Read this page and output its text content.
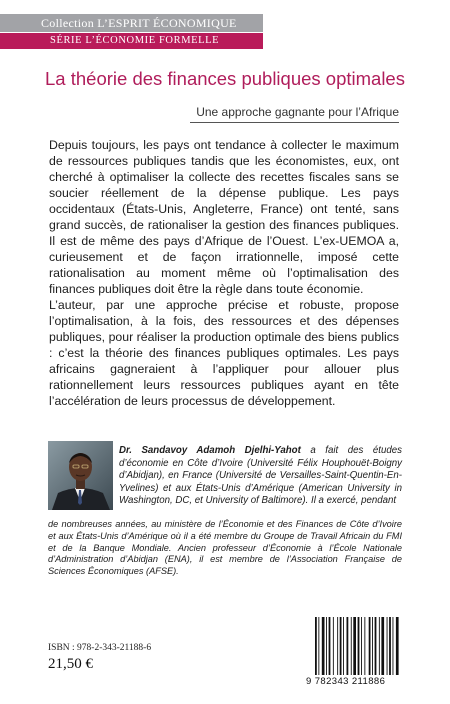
Collection L’ESPRIT ÉCONOMIQUE
SÉRIE L’ÉCONOMIE FORMELLE
La théorie des finances publiques optimales
Une approche gagnante pour l’Afrique

Depuis toujours, les pays ont tendance à collecter le maximum de ressources publiques tandis que les économistes, eux, ont cherché à optimaliser la collecte des recettes fiscales sans se soucier réellement de la dépense publique. Les pays occidentaux (États-Unis, Angleterre, France) ont tenté, sans grand succès, de rationaliser la gestion des finances publiques. Il est de même des pays d’Afrique de l’Ouest. L’ex-UEMOA a, curieusement et de façon irrationnelle, imposé cette rationalisation au moment même où l’optimalisation des finances publiques doit être la règle dans toute économie.

L’auteur, par une approche précise et robuste, propose l’optimalisation, à la fois, des ressources et des dépenses publiques, pour réaliser la production optimale des biens publics : c’est la théorie des finances publiques optimales. Les pays africains gagneraient à l’appliquer pour allouer plus rationnellement leurs ressources publiques ayant en tête l’accélération de leurs processus de développement.

Dr. Sandavoy Adamoh Djelhi-Yahot a fait des études d’économie en Côte d’Ivoire (Université Félix Houphouët-Boigny d’Abidjan), en France (Université de Versailles-Saint-Quentin-En-Yvelines) et aux États-Unis d’Amérique (American University in Washington, DC, et University of Baltimore). Il a exercé, pendant
de nombreuses années, au ministère de l’Économie et des Finances de Côte d’Ivoire et aux États-Unis d’Amérique où il a été membre du Groupe de Travail Africain du FMI et de la Banque Mondiale. Ancien professeur d’Économie à l’École Nationale d’Administration d’Abidjan (ENA), il est membre de l’Association Française de Sciences Économiques (AFSE).
ISBN : 978-2-343-21188-6
21,50 €
9 782343 211886
